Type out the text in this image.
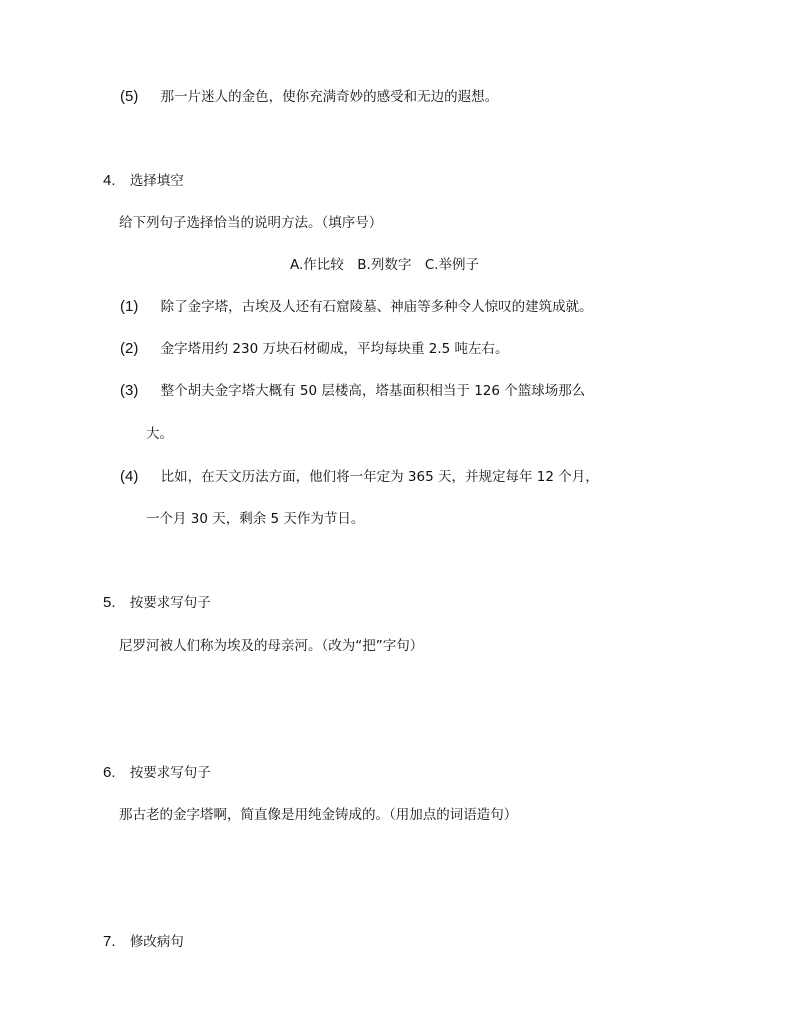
(5) 那一片迷人的金色，使你充满奇妙的感受和无边的遐想。
4. 选择填空
给下列句子选择恰当的说明方法。（填序号）
A.作比较　B.列数字　C.举例子
(1) 除了金字塔，古埃及人还有石窟陵墓、神庙等多种令人惊叹的建筑成就。
(2) 金字塔用约 230 万块石材砌成，平均每块重 2.5 吨左右。
(3) 整个胡夫金字塔大概有 50 层楼高，塔基面积相当于 126 个篮球场那么
大。
(4) 比如，在天文历法方面，他们将一年定为 365 天，并规定每年 12 个月，
一个月 30 天，剩余 5 天作为节日。
5. 按要求写句子
尼罗河被人们称为埃及的母亲河。（改为“把”字句）
6. 按要求写句子
那古老的金字塔啊，简直像是用纯金铸成的。（用加点的词语造句）
7. 修改病句
